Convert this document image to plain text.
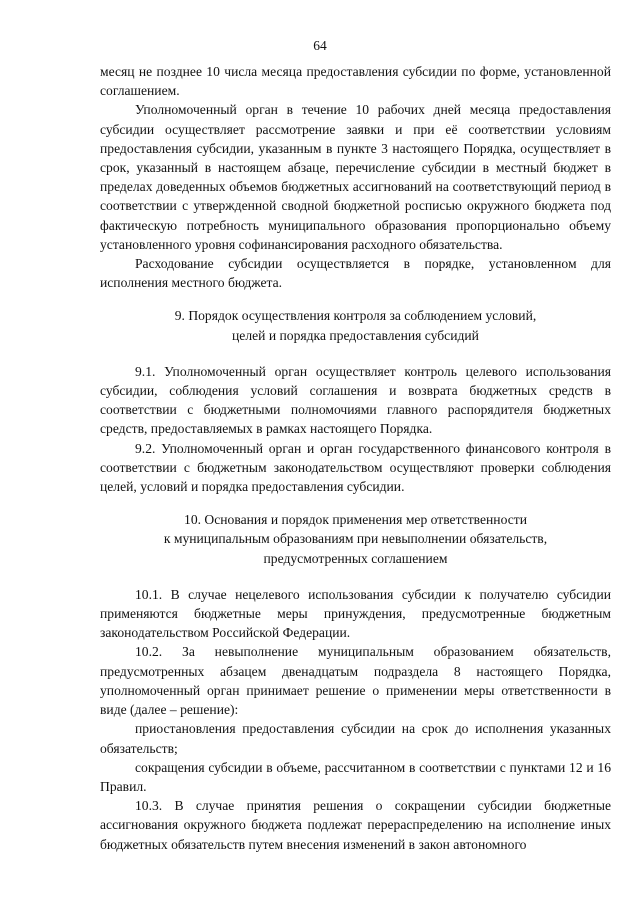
64

месяц не позднее 10 числа месяца предоставления субсидии по форме, установленной соглашением.

Уполномоченный орган в течение 10 рабочих дней месяца предоставления субсидии осуществляет рассмотрение заявки и при её соответствии условиям предоставления субсидии, указанным в пункте 3 настоящего Порядка, осуществляет в срок, указанный в настоящем абзаце, перечисление субсидии в местный бюджет в пределах доведенных объемов бюджетных ассигнований на соответствующий период в соответствии с утвержденной сводной бюджетной росписью окружного бюджета под фактическую потребность муниципального образования пропорционально объему установленного уровня софинансирования расходного обязательства.

Расходование субсидии осуществляется в порядке, установленном для исполнения местного бюджета.

9. Порядок осуществления контроля за соблюдением условий,
целей и порядка предоставления субсидий

9.1. Уполномоченный орган осуществляет контроль целевого использования субсидии, соблюдения условий соглашения и возврата бюджетных средств в соответствии с бюджетными полномочиями главного распорядителя бюджетных средств, предоставляемых в рамках настоящего Порядка.

9.2. Уполномоченный орган и орган государственного финансового контроля в соответствии с бюджетным законодательством осуществляют проверки соблюдения целей, условий и порядка предоставления субсидии.

10. Основания и порядок применения мер ответственности
к муниципальным образованиям при невыполнении обязательств,
предусмотренных соглашением

10.1. В случае нецелевого использования субсидии к получателю субсидии применяются бюджетные меры принуждения, предусмотренные бюджетным законодательством Российской Федерации.

10.2. За невыполнение муниципальным образованием обязательств, предусмотренных абзацем двенадцатым подраздела 8 настоящего Порядка, уполномоченный орган принимает решение о применении меры ответственности в виде (далее – решение):

приостановления предоставления субсидии на срок до исполнения указанных обязательств;

сокращения субсидии в объеме, рассчитанном в соответствии с пунктами 12 и 16 Правил.

10.3. В случае принятия решения о сокращении субсидии бюджетные ассигнования окружного бюджета подлежат перераспределению на исполнение иных бюджетных обязательств путем внесения изменений в закон автономного
